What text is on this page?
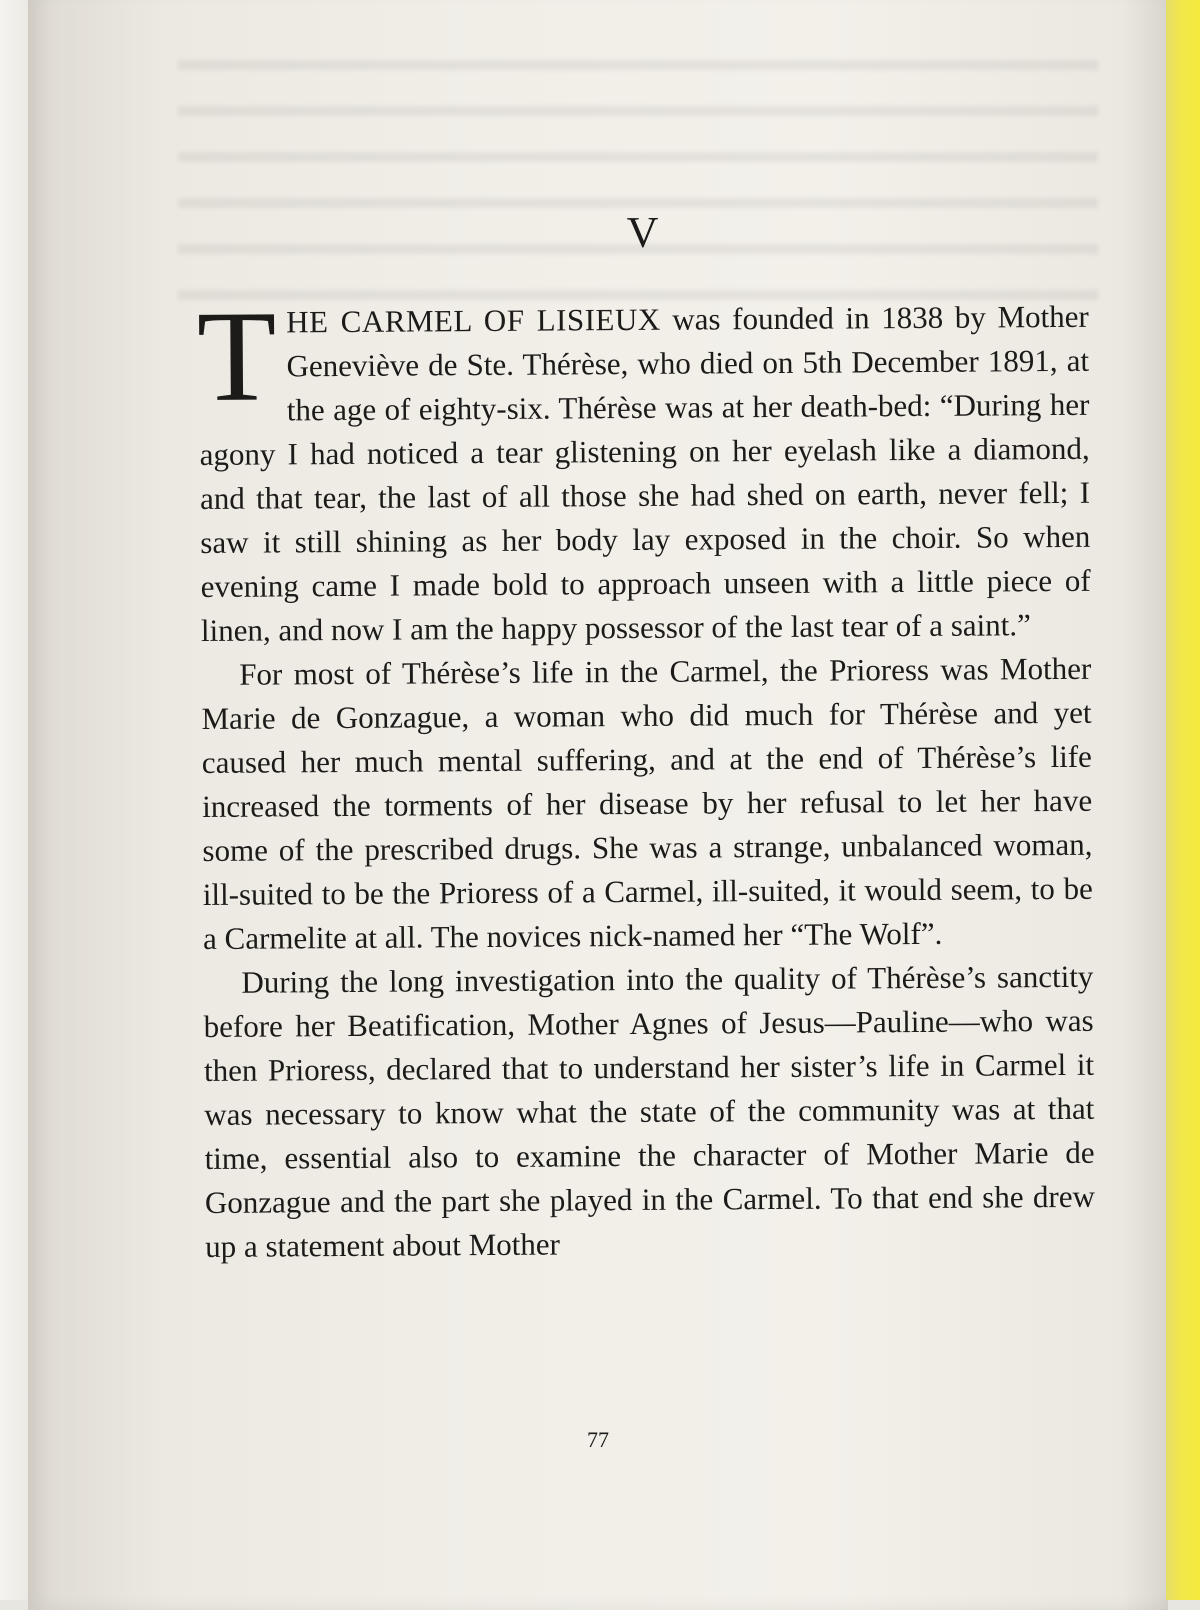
V

THE CARMEL OF LISIEUX was founded in 1838 by Mother Geneviève de Ste. Thérèse, who died on 5th December 1891, at the age of eighty-six. Thérèse was at her death-bed: “During her agony I had noticed a tear glistening on her eyelash like a diamond, and that tear, the last of all those she had shed on earth, never fell; I saw it still shining as her body lay exposed in the choir. So when evening came I made bold to approach unseen with a little piece of linen, and now I am the happy possessor of the last tear of a saint.”

For most of Thérèse’s life in the Carmel, the Prioress was Mother Marie de Gonzague, a woman who did much for Thérèse and yet caused her much mental suffering, and at the end of Thérèse’s life increased the torments of her disease by her refusal to let her have some of the prescribed drugs. She was a strange, unbalanced woman, ill-suited to be the Prioress of a Carmel, ill-suited, it would seem, to be a Carmelite at all. The novices nick-named her “The Wolf”.

During the long investigation into the quality of Thérèse’s sanctity before her Beatification, Mother Agnes of Jesus—Pauline—who was then Prioress, declared that to understand her sister’s life in Carmel it was necessary to know what the state of the community was at that time, essential also to examine the character of Mother Marie de Gonzague and the part she played in the Carmel. To that end she drew up a statement about Mother

77
